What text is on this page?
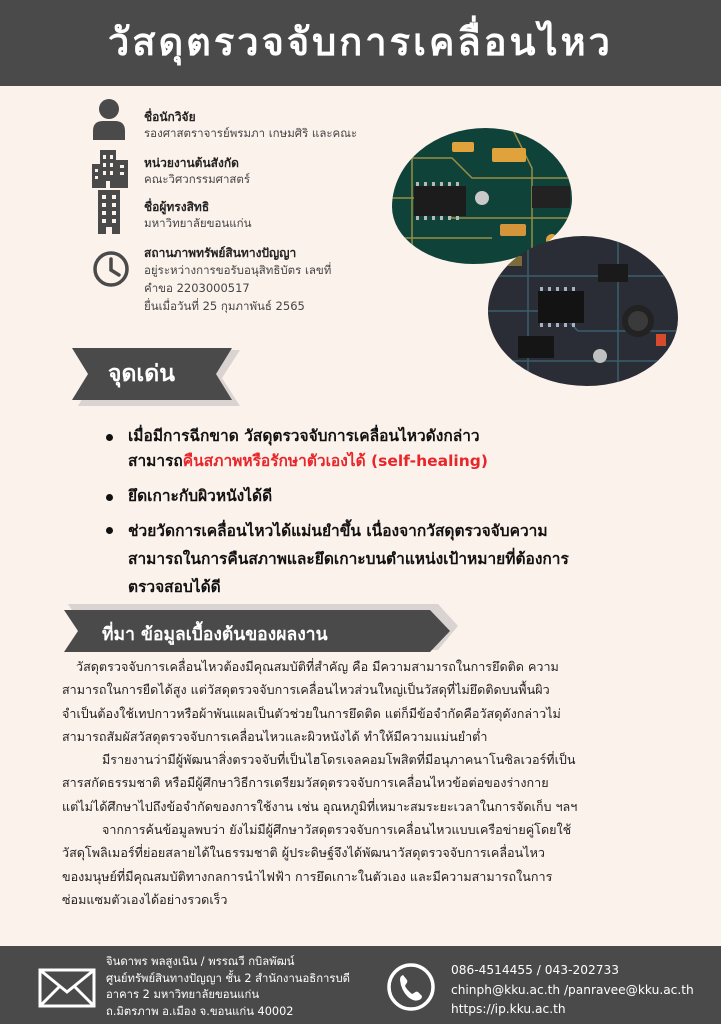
วัสดุตรวจจับการเคลื่อนไหว
ชื่อนักวิจัย
รองศาสตราจารย์พรมภา เกษมศิริ และคณะ
หน่วยงานต้นสังกัด
คณะวิศวกรรมศาสตร์
ชื่อผู้ทรงสิทธิ
มหาวิทยาลัยขอนแก่น
สถานภาพทรัพย์สินทางปัญญา
อยู่ระหว่างการขอรับอนุสิทธิบัตร เลขที่
คำขอ 2203000517
ยื่นเมื่อวันที่ 25 กุมภาพันธ์ 2565
จุดเด่น
เมื่อมีการฉีกขาด วัสดุตรวจจับการเคลื่อนไหวดังกล่าว
สามารถคืนสภาพหรือรักษาตัวเองได้ (self-healing)
ยึดเกาะกับผิวหนังได้ดี
ช่วยวัดการเคลื่อนไหวได้แม่นยำขึ้น เนื่องจากวัสดุตรวจจับความ
สามารถในการคืนสภาพและยึดเกาะบนตำแหน่งเป้าหมายที่ต้องการ
ตรวจสอบได้ดี
ที่มา ข้อมูลเบื้องต้นของผลงาน

วัสดุตรวจจับการเคลื่อนไหวต้องมีคุณสมบัติที่สำคัญ คือ มีความสามารถในการยึดติด ความ

สามารถในการยืดได้สูง แต่วัสดุตรวจจับการเคลื่อนไหวส่วนใหญ่เป็นวัสดุที่ไม่ยึดติดบนพื้นผิว

จำเป็นต้องใช้เทปกาวหรือผ้าพันแผลเป็นตัวช่วยในการยึดติด แต่ก็มีข้อจำกัดคือวัสดุดังกล่าวไม่

สามารถสัมผัสวัสดุตรวจจับการเคลื่อนไหวและผิวหนังได้ ทำให้มีความแม่นยำต่ำ

มีรายงานว่ามีผู้พัฒนาสิ่งตรวจจับที่เป็นไฮโดรเจลคอมโพสิตที่มีอนุภาคนาโนซิลเวอร์ที่เป็น

สารสกัดธรรมชาติ หรือมีผู้ศึกษาวิธีการเตรียมวัสดุตรวจจับการเคลื่อนไหวข้อต่อของร่างกาย

แต่ไม่ได้ศึกษาไปถึงข้อจำกัดของการใช้งาน เช่น อุณหภูมิที่เหมาะสมระยะเวลาในการจัดเก็บ ฯลฯ

จากการค้นข้อมูลพบว่า ยังไม่มีผู้ศึกษาวัสดุตรวจจับการเคลื่อนไหวแบบเครือข่ายคู่โดยใช้

วัสดุโพลิเมอร์ที่ย่อยสลายได้ในธรรมชาติ ผู้ประดิษฐ์จึงได้พัฒนาวัสดุตรวจจับการเคลื่อนไหว

ของมนุษย์ที่มีคุณสมบัติทางกลการนำไฟฟ้า การยึดเกาะในตัวเอง และมีความสามารถในการ

ซ่อมแซมตัวเองได้อย่างรวดเร็ว

จินดาพร พลสูงเนิน / พรรณวี กบิลพัฒน์
ศูนย์ทรัพย์สินทางปัญญา ชั้น 2 สำนักงานอธิการบดี
อาคาร 2 มหาวิทยาลัยขอนแก่น
ถ.มิตรภาพ อ.เมือง จ.ขอนแก่น 40002
086-4514455 / 043-202733
chinph@kku.ac.th /panravee@kku.ac.th
https://ip.kku.ac.th
